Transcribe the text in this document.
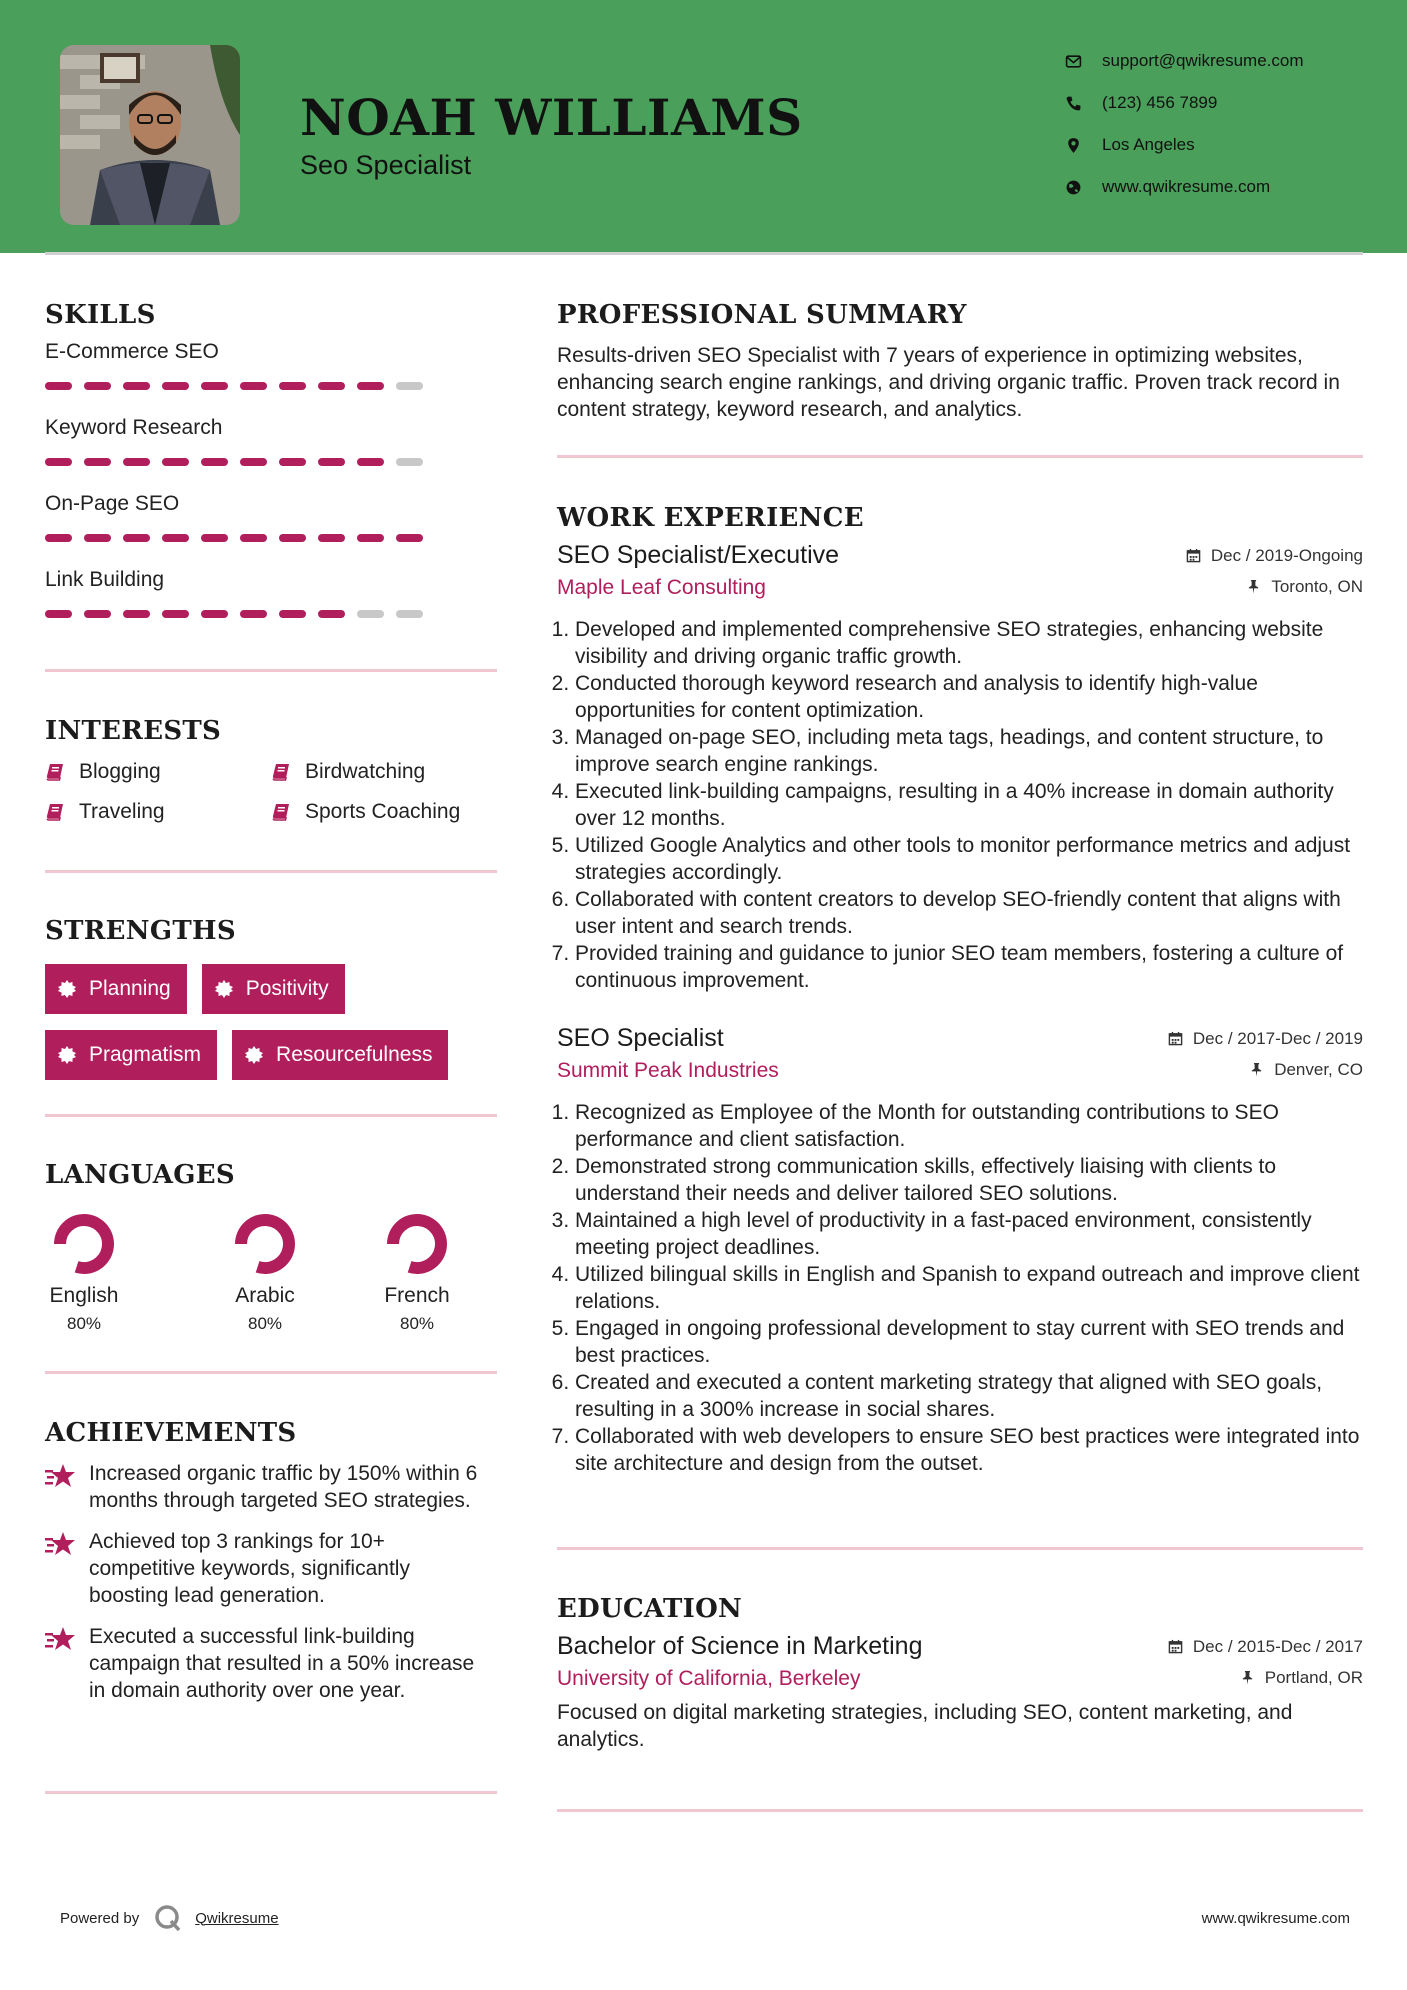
NOAH WILLIAMS
Seo Specialist
support@qwikresume.com
(123) 456 7899
Los Angeles
www.qwikresume.com
SKILLS
E-Commerce SEO
Keyword Research
On-Page SEO
Link Building
INTERESTS
Blogging	Birdwatching
Traveling	Sports Coaching
STRENGTHS
Planning	Positivity
Pragmatism	Resourcefulness
LANGUAGES
English
80%
Arabic
80%
French
80%
ACHIEVEMENTS
Increased organic traffic by 150% within 6 months through targeted SEO strategies.
Achieved top 3 rankings for 10+ competitive keywords, significantly boosting lead generation.
Executed a successful link-building campaign that resulted in a 50% increase in domain authority over one year.
PROFESSIONAL SUMMARY
Results-driven SEO Specialist with 7 years of experience in optimizing websites, enhancing search engine rankings, and driving organic traffic. Proven track record in content strategy, keyword research, and analytics.
WORK EXPERIENCE
SEO Specialist/Executive	Dec / 2019-Ongoing
Maple Leaf Consulting	Toronto, ON
1. Developed and implemented comprehensive SEO strategies, enhancing website visibility and driving organic traffic growth.
2. Conducted thorough keyword research and analysis to identify high-value opportunities for content optimization.
3. Managed on-page SEO, including meta tags, headings, and content structure, to improve search engine rankings.
4. Executed link-building campaigns, resulting in a 40% increase in domain authority over 12 months.
5. Utilized Google Analytics and other tools to monitor performance metrics and adjust strategies accordingly.
6. Collaborated with content creators to develop SEO-friendly content that aligns with user intent and search trends.
7. Provided training and guidance to junior SEO team members, fostering a culture of continuous improvement.
SEO Specialist	Dec / 2017-Dec / 2019
Summit Peak Industries	Denver, CO
1. Recognized as Employee of the Month for outstanding contributions to SEO performance and client satisfaction.
2. Demonstrated strong communication skills, effectively liaising with clients to understand their needs and deliver tailored SEO solutions.
3. Maintained a high level of productivity in a fast-paced environment, consistently meeting project deadlines.
4. Utilized bilingual skills in English and Spanish to expand outreach and improve client relations.
5. Engaged in ongoing professional development to stay current with SEO trends and best practices.
6. Created and executed a content marketing strategy that aligned with SEO goals, resulting in a 300% increase in social shares.
7. Collaborated with web developers to ensure SEO best practices were integrated into site architecture and design from the outset.
EDUCATION
Bachelor of Science in Marketing	Dec / 2015-Dec / 2017
University of California, Berkeley	Portland, OR
Focused on digital marketing strategies, including SEO, content marketing, and analytics.
Powered by	Qwikresume	www.qwikresume.com
